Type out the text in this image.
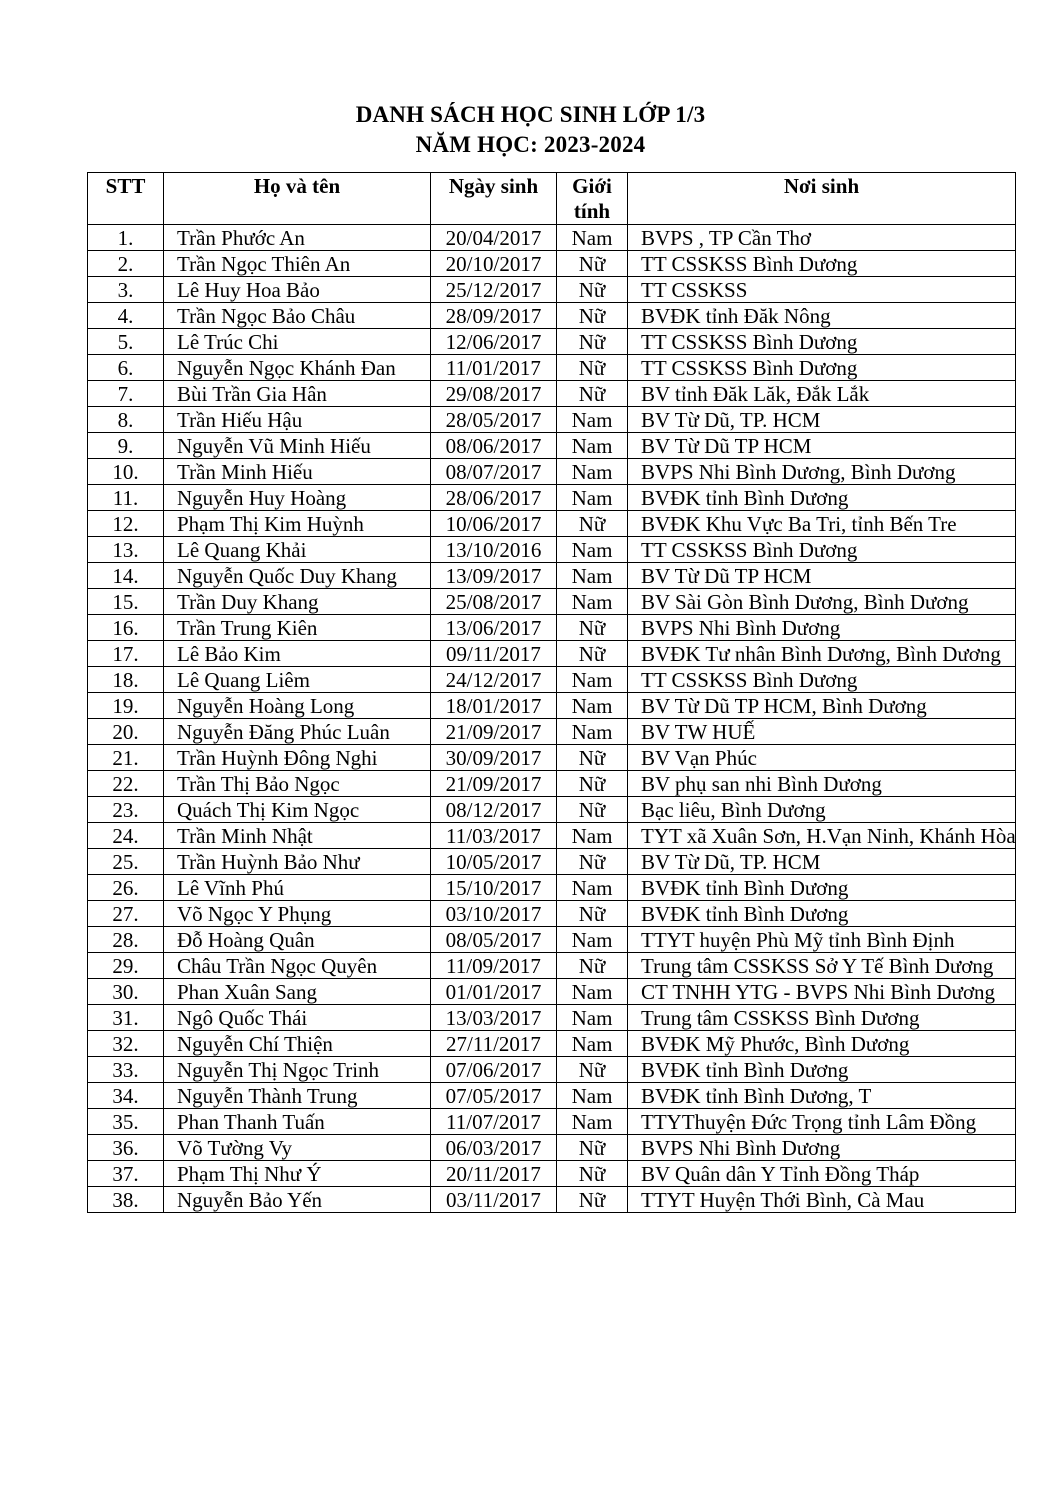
DANH SÁCH HỌC SINH LỚP 1/3
NĂM HỌC: 2023-2024
STT	Họ và tên	Ngày sinh	Giới tính	Nơi sinh
1.	Trần Phước An	20/04/2017	Nam	BVPS , TP Cần Thơ
2.	Trần Ngọc Thiên An	20/10/2017	Nữ	TT CSSKSS Bình Dương
3.	Lê Huy Hoa Bảo	25/12/2017	Nữ	TT CSSKSS
4.	Trần Ngọc Bảo Châu	28/09/2017	Nữ	BVĐK tỉnh Đăk Nông
5.	Lê Trúc Chi	12/06/2017	Nữ	TT CSSKSS Bình Dương
6.	Nguyễn Ngọc Khánh Đan	11/01/2017	Nữ	TT CSSKSS Bình Dương
7.	Bùi Trần Gia Hân	29/08/2017	Nữ	BV tỉnh Đăk Lăk, Đắk Lắk
8.	Trần Hiếu Hậu	28/05/2017	Nam	BV Từ Dũ, TP. HCM
9.	Nguyễn Vũ Minh Hiếu	08/06/2017	Nam	BV Từ Dũ TP HCM
10.	Trần Minh Hiếu	08/07/2017	Nam	BVPS Nhi Bình Dương, Bình Dương
11.	Nguyễn Huy Hoàng	28/06/2017	Nam	BVĐK tỉnh Bình Dương
12.	Phạm Thị Kim Huỳnh	10/06/2017	Nữ	BVĐK Khu Vực Ba Tri, tỉnh Bến Tre
13.	Lê Quang Khải	13/10/2016	Nam	TT CSSKSS Bình Dương
14.	Nguyễn Quốc Duy Khang	13/09/2017	Nam	BV Từ Dũ TP HCM
15.	Trần Duy Khang	25/08/2017	Nam	BV Sài Gòn Bình Dương, Bình Dương
16.	Trần Trung Kiên	13/06/2017	Nữ	BVPS Nhi Bình Dương
17.	Lê Bảo Kim	09/11/2017	Nữ	BVĐK Tư nhân Bình Dương, Bình Dương
18.	Lê Quang Liêm	24/12/2017	Nam	TT CSSKSS Bình Dương
19.	Nguyễn Hoàng Long	18/01/2017	Nam	BV Từ Dũ TP HCM, Bình Dương
20.	Nguyễn Đăng Phúc Luân	21/09/2017	Nam	BV TW HUẾ
21.	Trần Huỳnh Đông Nghi	30/09/2017	Nữ	BV Vạn Phúc
22.	Trần Thị Bảo Ngọc	21/09/2017	Nữ	BV phụ san nhi Bình Dương
23.	Quách Thị Kim Ngọc	08/12/2017	Nữ	Bạc liêu, Bình Dương
24.	Trần Minh Nhật	11/03/2017	Nam	TYT xã Xuân Sơn, H.Vạn Ninh, Khánh Hòa
25.	Trần Huỳnh Bảo Như	10/05/2017	Nữ	BV Từ Dũ, TP. HCM
26.	Lê Vĩnh Phú	15/10/2017	Nam	BVĐK tỉnh Bình Dương
27.	Võ Ngọc Y Phụng	03/10/2017	Nữ	BVĐK tỉnh Bình Dương
28.	Đỗ Hoàng Quân	08/05/2017	Nam	TTYT huyện Phù Mỹ tỉnh Bình Định
29.	Châu Trần Ngọc Quyên	11/09/2017	Nữ	Trung tâm CSSKSS Sở Y Tế Bình Dương
30.	Phan Xuân Sang	01/01/2017	Nam	CT TNHH YTG - BVPS Nhi Bình Dương
31.	Ngô Quốc Thái	13/03/2017	Nam	Trung tâm CSSKSS Bình Dương
32.	Nguyễn Chí Thiện	27/11/2017	Nam	BVĐK Mỹ Phước, Bình Dương
33.	Nguyễn Thị Ngọc Trinh	07/06/2017	Nữ	BVĐK tỉnh Bình Dương
34.	Nguyễn Thành Trung	07/05/2017	Nam	BVĐK tỉnh Bình Dương, T
35.	Phan Thanh Tuấn	11/07/2017	Nam	TTYThuyện Đức Trọng tỉnh Lâm Đồng
36.	Võ Tường Vy	06/03/2017	Nữ	BVPS Nhi Bình Dương
37.	Phạm Thị Như Ý	20/11/2017	Nữ	BV Quân dân Y Tỉnh Đồng Tháp
38.	Nguyễn Bảo Yến	03/11/2017	Nữ	TTYT Huyện Thới Bình, Cà Mau
